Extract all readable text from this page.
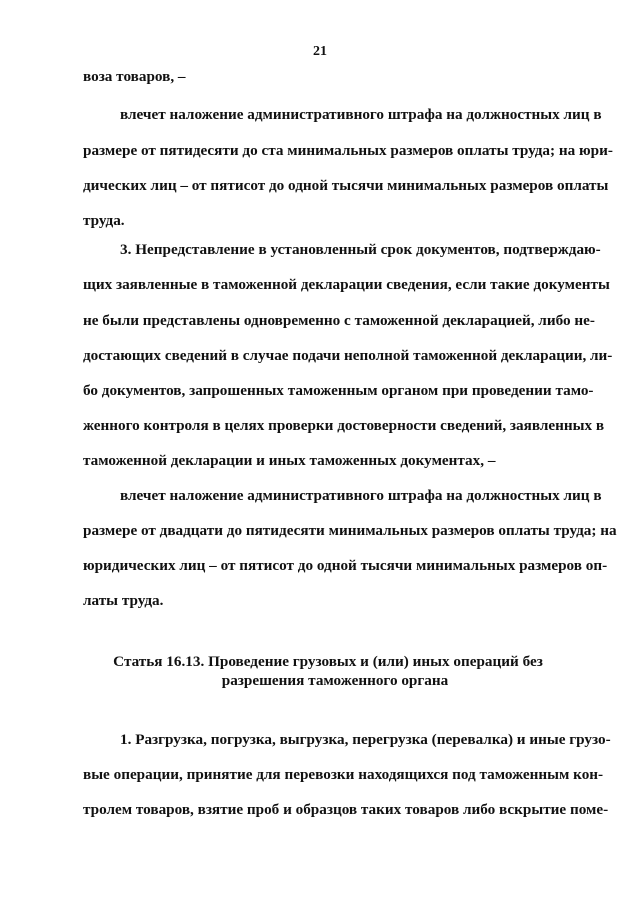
21
воза товаров, –
влечет наложение административного штрафа на должностных лиц в
размере от пятидесяти до ста минимальных размеров оплаты труда; на юри-
дических лиц – от пятисот до одной тысячи минимальных размеров оплаты
труда.
3. Непредставление в установленный срок документов, подтверждаю-
щих заявленные в таможенной декларации сведения, если такие документы
не были представлены одновременно с таможенной декларацией, либо не-
достающих сведений в случае подачи неполной таможенной декларации, ли-
бо документов, запрошенных таможенным органом при проведении тамо-
женного контроля в целях проверки достоверности сведений, заявленных в
таможенной декларации и иных таможенных документах, –
влечет наложение административного штрафа на должностных лиц в
размере от двадцати до пятидесяти минимальных размеров оплаты труда; на
юридических лиц – от пятисот до одной тысячи минимальных размеров оп-
латы труда.
Статья 16.13. Проведение грузовых и (или) иных операций без
разрешения таможенного органа
1. Разгрузка, погрузка, выгрузка, перегрузка (перевалка) и иные грузо-
вые операции, принятие для перевозки находящихся под таможенным кон-
тролем товаров, взятие проб и образцов таких товаров либо вскрытие поме-
